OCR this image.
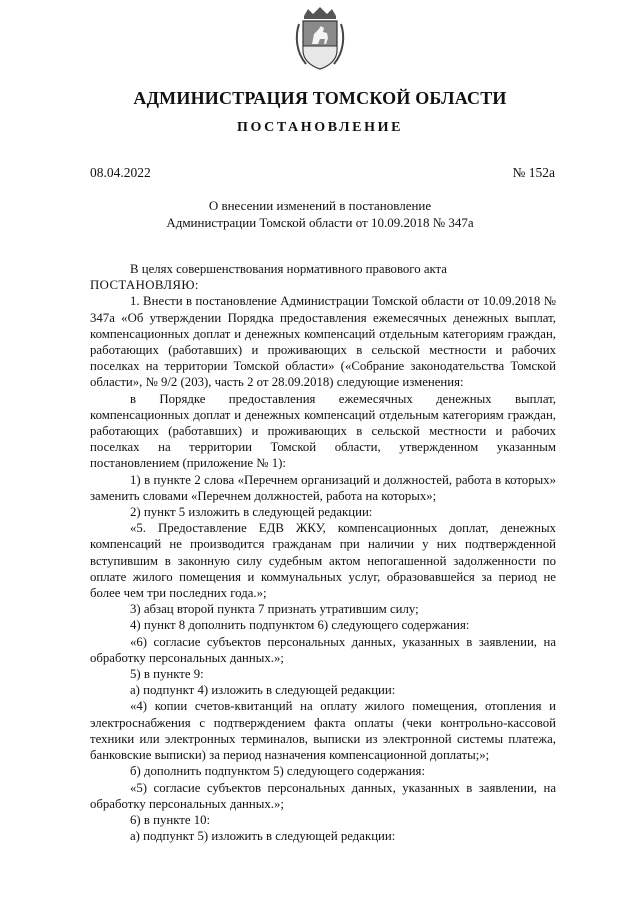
АДМИНИСТРАЦИЯ ТОМСКОЙ ОБЛАСТИ
ПОСТАНОВЛЕНИЕ
08.04.2022	№ 152а
О внесении изменений в постановление
Администрации Томской области от 10.09.2018 № 347а

В целях совершенствования нормативного правового акта

ПОСТАНОВЛЯЮ:

1. Внести в постановление Администрации Томской области от 10.09.2018 № 347а «Об утверждении Порядка предоставления ежемесячных денежных выплат, компенсационных доплат и денежных компенсаций отдельным категориям граждан, работающих (работавших) и проживающих в сельской местности и рабочих поселках на территории Томской области» («Собрание законодательства Томской области», № 9/2 (203), часть 2 от 28.09.2018) следующие изменения:

в Порядке предоставления ежемесячных денежных выплат, компенсационных доплат и денежных компенсаций отдельным категориям граждан, работающих (работавших) и проживающих в сельской местности и рабочих поселках на территории Томской области, утвержденном указанным постановлением (приложение № 1):

1) в пункте 2 слова «Перечнем организаций и должностей, работа в которых» заменить словами «Перечнем должностей, работа на которых»;

2) пункт 5 изложить в следующей редакции:

«5. Предоставление ЕДВ ЖКУ, компенсационных доплат, денежных компенсаций не производится гражданам при наличии у них подтвержденной вступившим в законную силу судебным актом непогашенной задолженности по оплате жилого помещения и коммунальных услуг, образовавшейся за период не более чем три последних года.»;

3) абзац второй пункта 7 признать утратившим силу;

4) пункт 8 дополнить подпунктом 6) следующего содержания:

«6) согласие субъектов персональных данных, указанных в заявлении, на обработку персональных данных.»;

5) в пункте 9:

а) подпункт 4) изложить в следующей редакции:

«4) копии счетов-квитанций на оплату жилого помещения, отопления и электроснабжения с подтверждением факта оплаты (чеки контрольно-кассовой техники или электронных терминалов, выписки из электронной системы платежа, банковские выписки) за период назначения компенсационной доплаты;»;

б) дополнить подпунктом 5) следующего содержания:

«5) согласие субъектов персональных данных, указанных в заявлении, на обработку персональных данных.»;

6) в пункте 10:

а) подпункт 5) изложить в следующей редакции:
